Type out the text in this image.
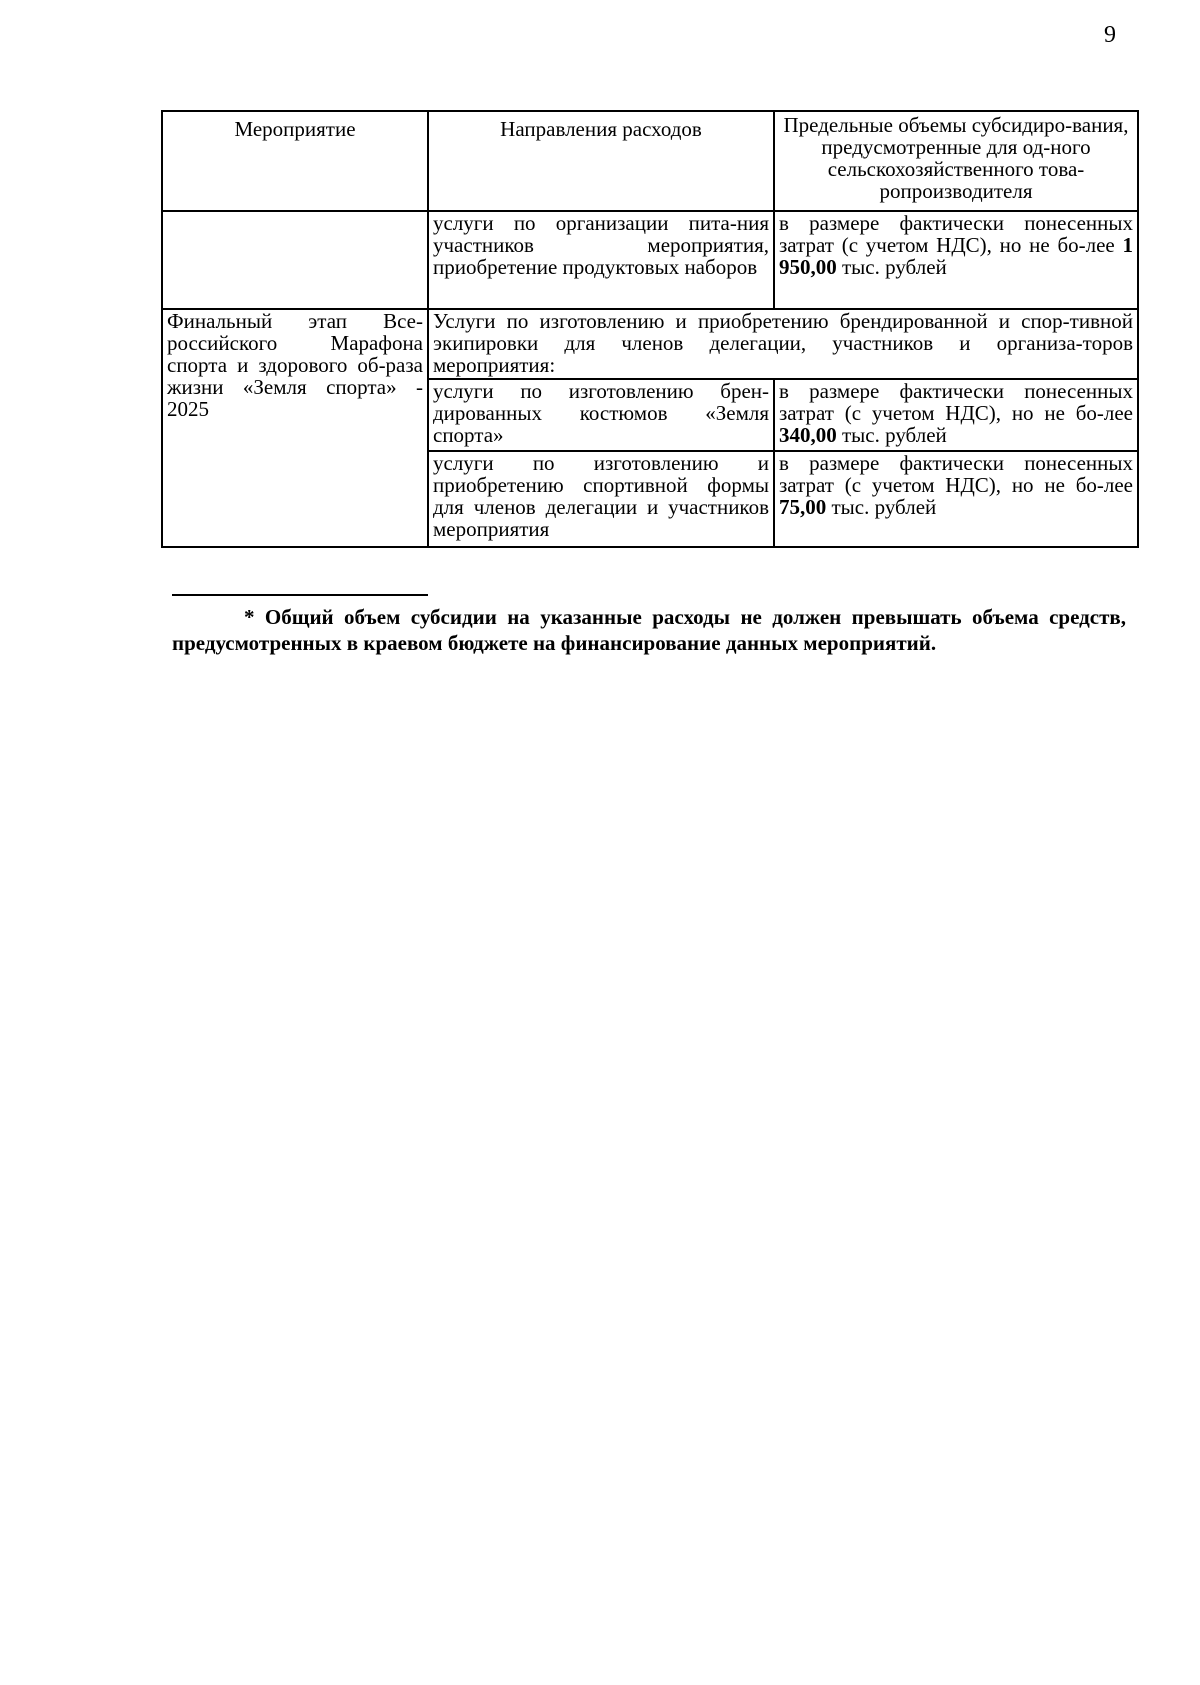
9
Мероприятие	Направления расходов	Предельные объемы субсидиро-вания, предусмотренные для од-ного сельскохозяйственного това-ропроизводителя
	услуги по организации пита-ния участников мероприятия, приобретение продуктовых наборов	в размере фактически понесенных затрат (с учетом НДС), но не бо-лее 1 950,00 тыс. рублей
Финальный этап Все-российского Марафона спорта и здорового об-раза жизни «Земля спорта» - 2025	Услуги по изготовлению и приобретению брендированной и спор-тивной экипировки для членов делегации, участников и организа-торов мероприятия:	
	услуги по изготовлению брен-дированных костюмов «Земля спорта»	в размере фактически понесенных затрат (с учетом НДС), но не бо-лее 340,00 тыс. рублей
	услуги по изготовлению и приобретению спортивной формы для членов делегации и участников мероприятия	в размере фактически понесенных затрат (с учетом НДС), но не бо-лее 75,00 тыс. рублей
* Общий объем субсидии на указанные расходы не должен превышать объема средств, предусмотренных в краевом бюджете на финансирование данных мероприятий.
